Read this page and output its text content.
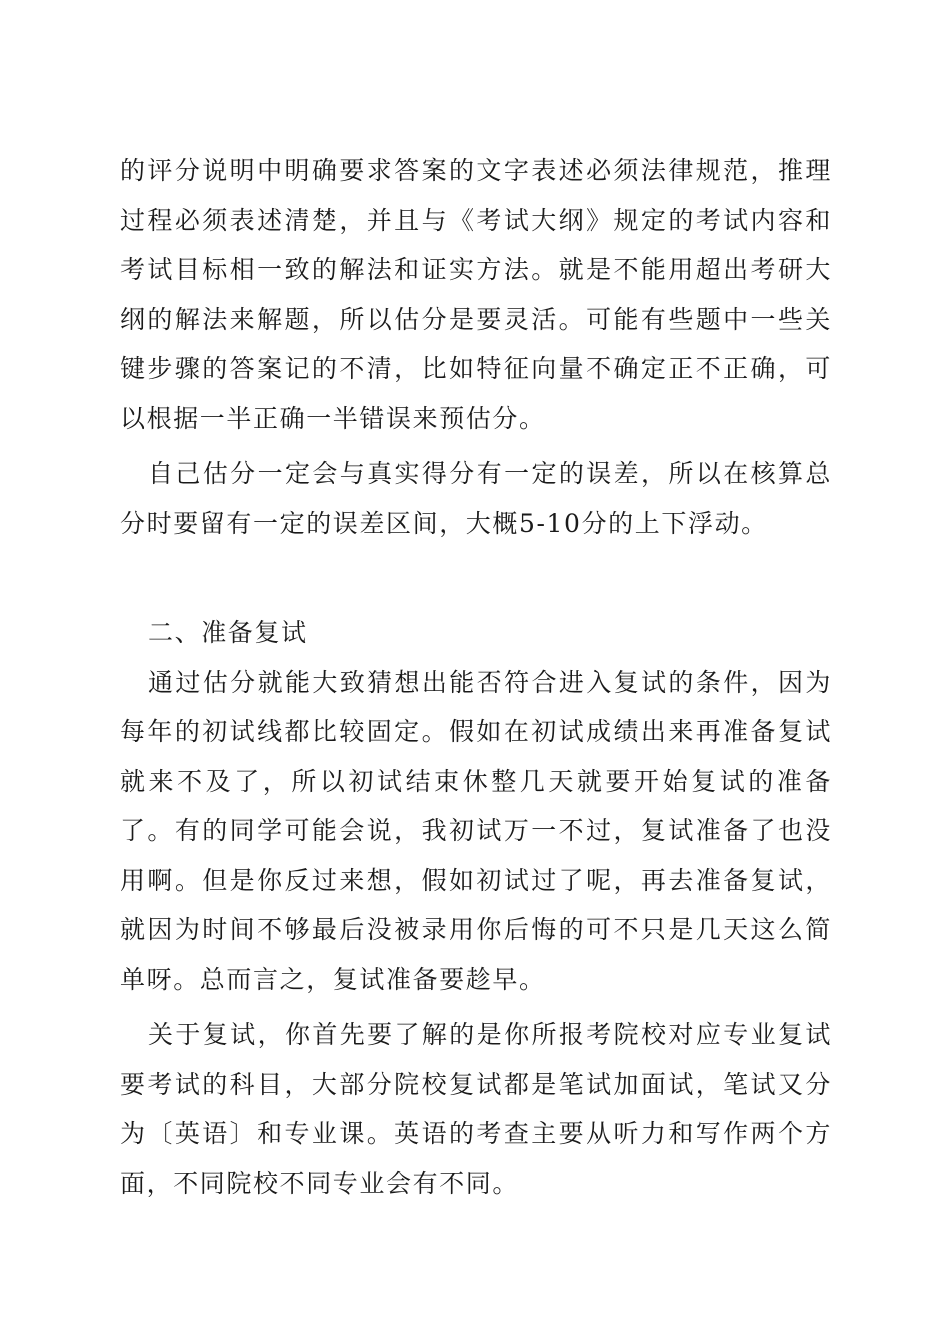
的评分说明中明确要求答案的文字表述必须法律规范，推理过程必须表述清楚，并且与《考试大纲》规定的考试内容和考试目标相一致的解法和证实方法。就是不能用超出考研大纲的解法来解题，所以估分是要灵活。可能有些题中一些关键步骤的答案记的不清，比如特征向量不确定正不正确，可以根据一半正确一半错误来预估分。

自己估分一定会与真实得分有一定的误差，所以在核算总分时要留有一定的误差区间，大概5-10分的上下浮动。

二、准备复试

通过估分就能大致猜想出能否符合进入复试的条件，因为每年的初试线都比较固定。假如在初试成绩出来再准备复试就来不及了，所以初试结束休整几天就要开始复试的准备了。有的同学可能会说，我初试万一不过，复试准备了也没用啊。但是你反过来想，假如初试过了呢，再去准备复试，就因为时间不够最后没被录用你后悔的可不只是几天这么简单呀。总而言之，复试准备要趁早。

关于复试，你首先要了解的是你所报考院校对应专业复试要考试的科目，大部分院校复试都是笔试加面试，笔试又分为〔英语〕和专业课。英语的考查主要从听力和写作两个方面，不同院校不同专业会有不同。
